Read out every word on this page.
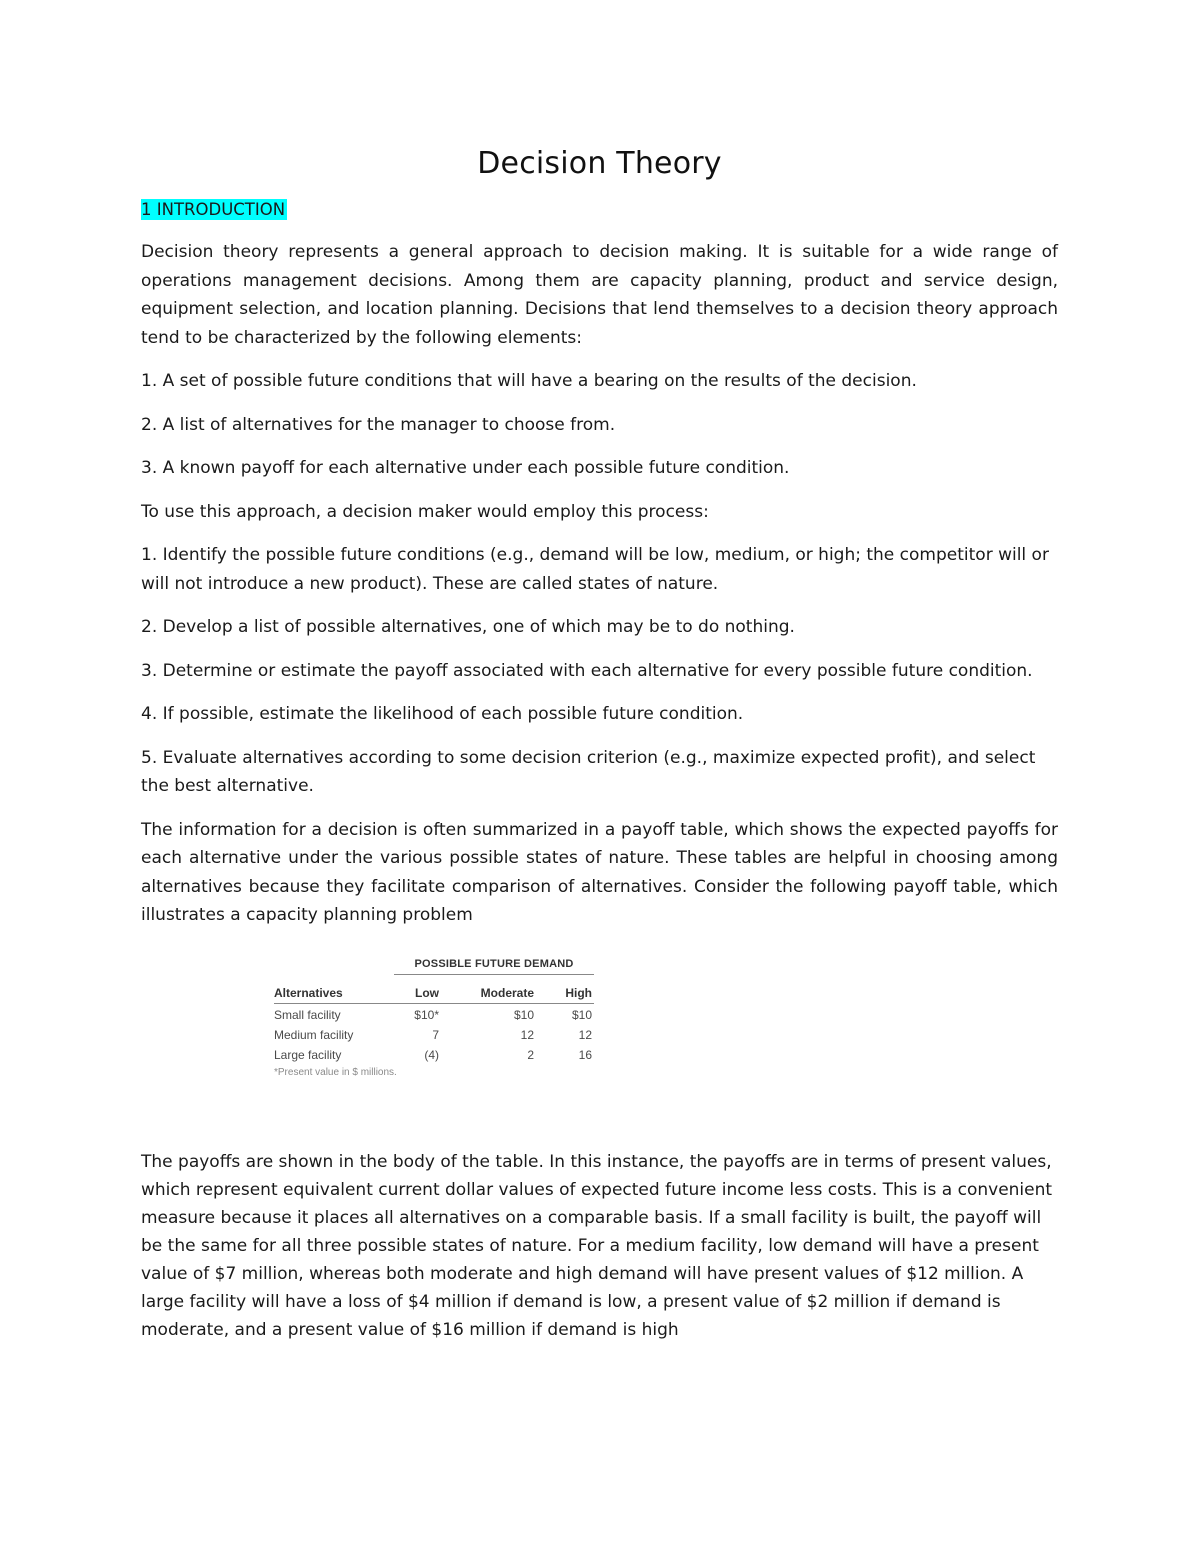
Decision Theory
1 INTRODUCTION

Decision theory represents a general approach to decision making. It is suitable for a wide range of operations management decisions. Among them are capacity planning, product and service design, equipment selection, and location planning. Decisions that lend themselves to a decision theory approach tend to be characterized by the following elements:

1. A set of possible future conditions that will have a bearing on the results of the decision.

2. A list of alternatives for the manager to choose from.

3. A known payoff for each alternative under each possible future condition.

To use this approach, a decision maker would employ this process:

1. Identify the possible future conditions (e.g., demand will be low, medium, or high; the competitor will or will not introduce a new product). These are called states of nature.

2. Develop a list of possible alternatives, one of which may be to do nothing.

3. Determine or estimate the payoff associated with each alternative for every possible future condition.

4. If possible, estimate the likelihood of each possible future condition.

5. Evaluate alternatives according to some decision criterion (e.g., maximize expected profit), and select the best alternative.

The information for a decision is often summarized in a payoff table, which shows the expected payoffs for each alternative under the various possible states of nature. These tables are helpful in choosing among alternatives because they facilitate comparison of alternatives. Consider the following payoff table, which illustrates a capacity planning problem

POSSIBLE FUTURE DEMAND
Alternatives	Low	Moderate	High
Small facility	$10*	$10	$10
Medium facility	7	12	12
Large facility	(4)	2	16
*Present value in $ millions.

The payoffs are shown in the body of the table. In this instance, the payoffs are in terms of present values, which represent equivalent current dollar values of expected future income less costs. This is a convenient measure because it places all alternatives on a comparable basis. If a small facility is built, the payoff will be the same for all three possible states of nature. For a medium facility, low demand will have a present value of $7 million, whereas both moderate and high demand will have present values of $12 million. A large facility will have a loss of $4 million if demand is low, a present value of $2 million if demand is moderate, and a present value of $16 million if demand is high
